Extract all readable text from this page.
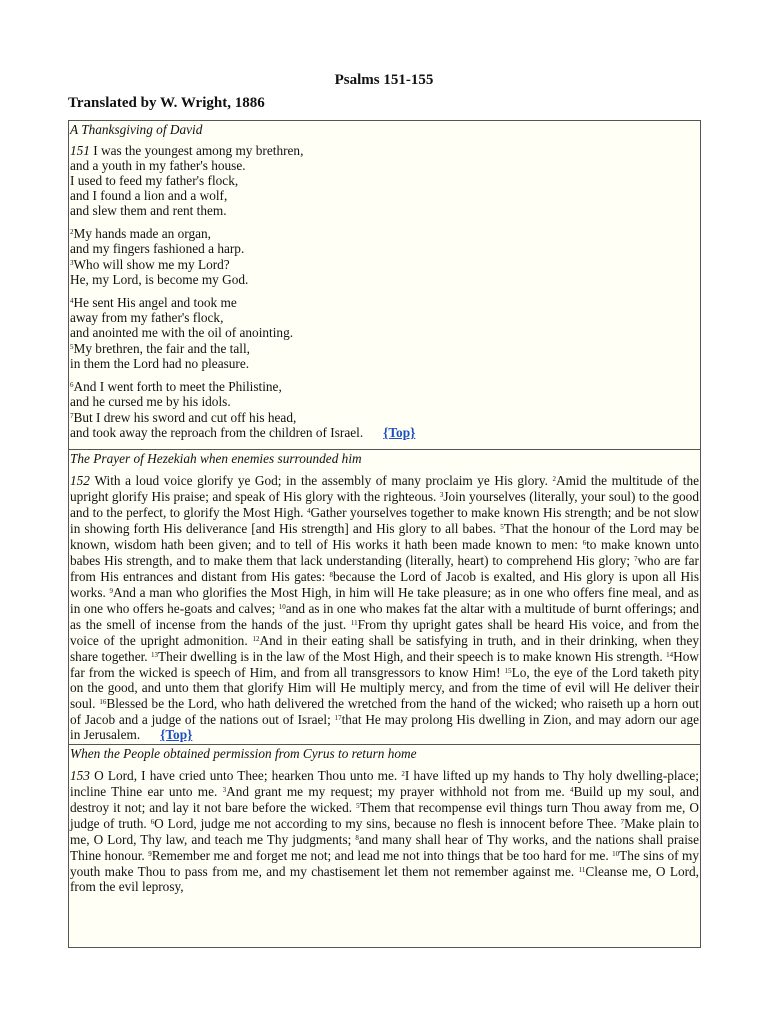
Psalms 151-155
Translated by W. Wright, 1886
A Thanksgiving of David
151 I was the youngest among my brethren,
and a youth in my father's house.
I used to feed my father's flock,
and I found a lion and a wolf,
and slew them and rent them.
$^2$My hands made an organ,
and my fingers fashioned a harp.
$^3$Who will show me my Lord?
He, my Lord, is become my God.
$^4$He sent His angel and took me
away from my father's flock,
and anointed me with the oil of anointing.
$^5$My brethren, the fair and the tall,
in them the Lord had no pleasure.
$^6$And I went forth to meet the Philistine,
and he cursed me by his idols.
$^7$But I drew his sword and cut off his head,
and took away the reproach from the children of Israel. {Top}
The Prayer of Hezekiah when enemies surrounded him
152 With a loud voice glorify ye God; in the assembly of many proclaim ye His glory. $^2$Amid the multitude of the upright glorify His praise; and speak of His glory with the righteous. $^3$Join yourselves (literally, your soul) to the good and to the perfect, to glorify the Most High. $^4$Gather yourselves together to make known His strength; and be not slow in showing forth His deliverance [and His strength] and His glory to all babes. $^5$That the honour of the Lord may be known, wisdom hath been given; and to tell of His works it hath been made known to men: $^6$to make known unto babes His strength, and to make them that lack understanding (literally, heart) to comprehend His glory; $^7$who are far from His entrances and distant from His gates: $^8$because the Lord of Jacob is exalted, and His glory is upon all His works. $^9$And a man who glorifies the Most High, in him will He take pleasure; as in one who offers fine meal, and as in one who offers he-goats and calves; $^{10}$and as in one who makes fat the altar with a multitude of burnt offerings; and as the smell of incense from the hands of the just. $^{11}$From thy upright gates shall be heard His voice, and from the voice of the upright admonition. $^{12}$And in their eating shall be satisfying in truth, and in their drinking, when they share together. $^{13}$Their dwelling is in the law of the Most High, and their speech is to make known His strength. $^{14}$How far from the wicked is speech of Him, and from all transgressors to know Him! $^{15}$Lo, the eye of the Lord taketh pity on the good, and unto them that glorify Him will He multiply mercy, and from the time of evil will He deliver their soul. $^{16}$Blessed be the Lord, who hath delivered the wretched from the hand of the wicked; who raiseth up a horn out of Jacob and a judge of the nations out of Israel; $^{17}$that He may prolong His dwelling in Zion, and may adorn our age in Jerusalem. {Top}
When the People obtained permission from Cyrus to return home
153 O Lord, I have cried unto Thee; hearken Thou unto me. $^2$I have lifted up my hands to Thy holy dwelling-place; incline Thine ear unto me. $^3$And grant me my request; my prayer withhold not from me. $^4$Build up my soul, and destroy it not; and lay it not bare before the wicked. $^5$Them that recompense evil things turn Thou away from me, O judge of truth. $^6$O Lord, judge me not according to my sins, because no flesh is innocent before Thee. $^7$Make plain to me, O Lord, Thy law, and teach me Thy judgments; $^8$and many shall hear of Thy works, and the nations shall praise Thine honour. $^9$Remember me and forget me not; and lead me not into things that be too hard for me. $^{10}$The sins of my youth make Thou to pass from me, and my chastisement let them not remember against me. $^{11}$Cleanse me, O Lord, from the evil leprosy,
